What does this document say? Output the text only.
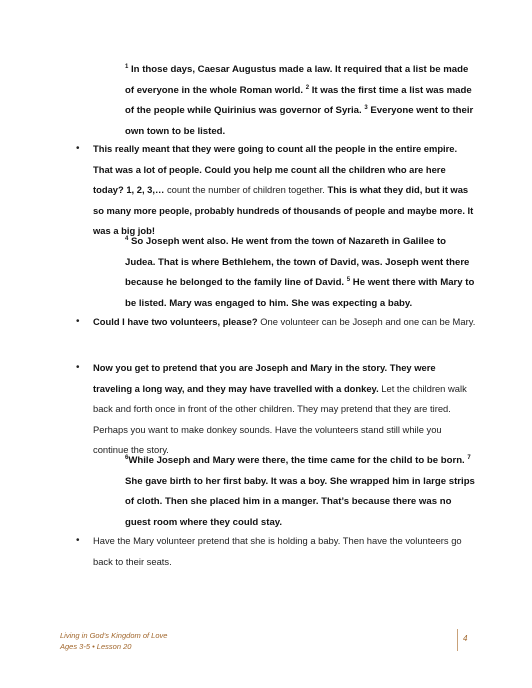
$^1$ In those days, Caesar Augustus made a law. It required that a list be made of everyone in the whole Roman world. $^2$ It was the first time a list was made of the people while Quirinius was governor of Syria. $^3$ Everyone went to their own town to be listed.
• This really meant that they were going to count all the people in the entire empire. That was a lot of people. Could you help me count all the children who are here today? 1, 2, 3,… count the number of children together. This is what they did, but it was so many more people, probably hundreds of thousands of people and maybe more. It was a big job!
$^4$ So Joseph went also. He went from the town of Nazareth in Galilee to Judea. That is where Bethlehem, the town of David, was. Joseph went there because he belonged to the family line of David. $^5$ He went there with Mary to be listed. Mary was engaged to him. She was expecting a baby.
• Could I have two volunteers, please? One volunteer can be Joseph and one can be Mary.
• Now you get to pretend that you are Joseph and Mary in the story. They were traveling a long way, and they may have travelled with a donkey. Let the children walk back and forth once in front of the other children. They may pretend that they are tired. Perhaps you want to make donkey sounds. Have the volunteers stand still while you continue the story.
$^6$While Joseph and Mary were there, the time came for the child to be born. $^7$ She gave birth to her first baby. It was a boy. She wrapped him in large strips of cloth. Then she placed him in a manger. That’s because there was no guest room where they could stay.
• Have the Mary volunteer pretend that she is holding a baby. Then have the volunteers go back to their seats.
Living in God’s Kingdom of Love
Ages 3-5 • Lesson 20
4
